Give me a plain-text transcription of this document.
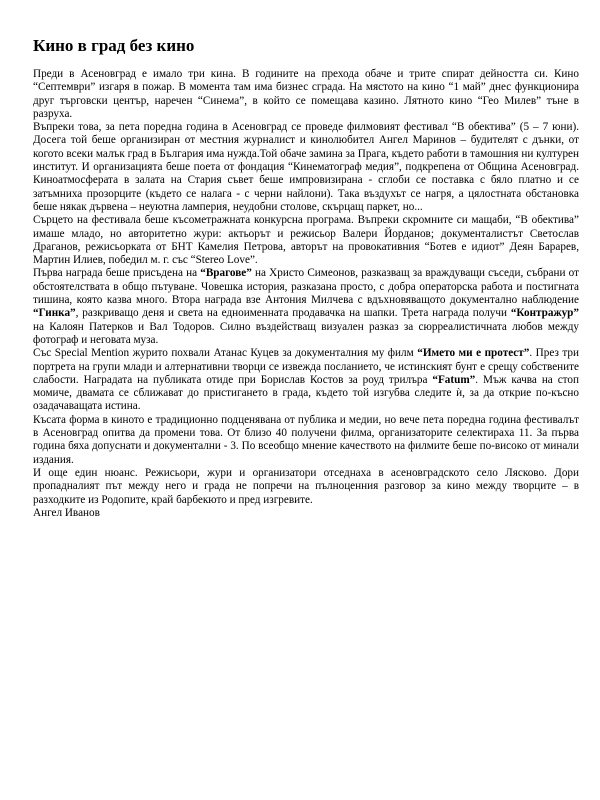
Кино в град без кино

Преди в Асеновград е имало три кина. В годините на прехода обаче и трите спират дейността си. Кино “Септември” изгаря в пожар. В момента там има бизнес сграда. На мястото на кино “1 май” днес функционира друг търговски център, наречен “Синема”, в който се помещава казино. Лятното кино “Гео Милев” тъне в разруха.

Въпреки това, за пета поредна година в Асеновград се проведе филмовият фестивал “В обективa” (5 – 7 юни). Досега той беше организиран от местния журналист и кинолюбител Ангел Маринов – будителят с дънки, от когото всеки малък град в България има нужда.Той обаче замина за Прага, където работи в тамошния ни културен институт. И организацията беше поета от фондация “Кинематограф медия”, подкрепена от Община Асеновград. Киноатмосферата в залата на Стария съвет беше импровизирана - сглоби се поставка с бяло платно и се затъмниха прозорците (където се налага - с черни найлони). Така въздухът се нагря, а цялостната обстановка беше някак дървена – неуютна ламперия, неудобни столове, скърцащ паркет, но...

Сърцето на фестивала беше късометражната конкурсна програма. Въпреки скромните си мащаби, “В обектива” имаше младо, но авторитетно жури: актьорът и режисьор Валери Йорданов; документалистът Светослав Драганов, режисьорката от БНТ Камелия Петрова, авторът на провокативния “Ботев е идиот” Деян Барарев, Мартин Илиев, победил м. г. със “Stereo Love”.

Първа награда беше присъдена на “Врагове” на Христо Симеонов, разказващ за враждуващи съседи, събрани от обстоятелствата в общо пътуване. Човешка история, разказана просто, с добра операторска работа и постигната тишина, която казва много. Втора награда взе Антония Милчева с вдъхновяващото документално наблюдение “Гинка”, разкриващо деня и света на едноименната продавачка на шапки. Трета награда получи “Контражур” на Калоян Патерков и Вал Тодоров. Силно въздействащ визуален разказ за сюрреалистичната любов между фотограф и неговата муза.

Със Special Mention журито похвали Атанас Куцев за документалния му филм “Името ми е протест”. През три портрета на групи млади и алтернативни творци се извежда посланието, че истинският бунт е срещу собствените слабости. Наградата на публиката отиде при Борислав Костов за роуд трилъра “Fatum”. Мъж качва на стоп момиче, двамата се сближават до пристигането в града, където той изгубва следите ѝ, за да открие по-късно озадачаващата истина.

Късата форма в киното е традиционно подценявана от публика и медии, но вече пета поредна година фестивалът в Асеновград опитва да промени това. От близо 40 получени филма, организаторите селектираха 11. За първа година бяха допуснати и документални - 3. По всеобщо мнение качеството на филмите беше по-високо от минали издания.

И още един нюанс. Режисьори, жури и организатори отседнаха в асеновградското село Лясково. Дори пропадналият път между него и града не попречи на пълноценния разговор за кино между творците – в разходките из Родопите, край барбекюто и пред изгревите.

Ангел Иванов
